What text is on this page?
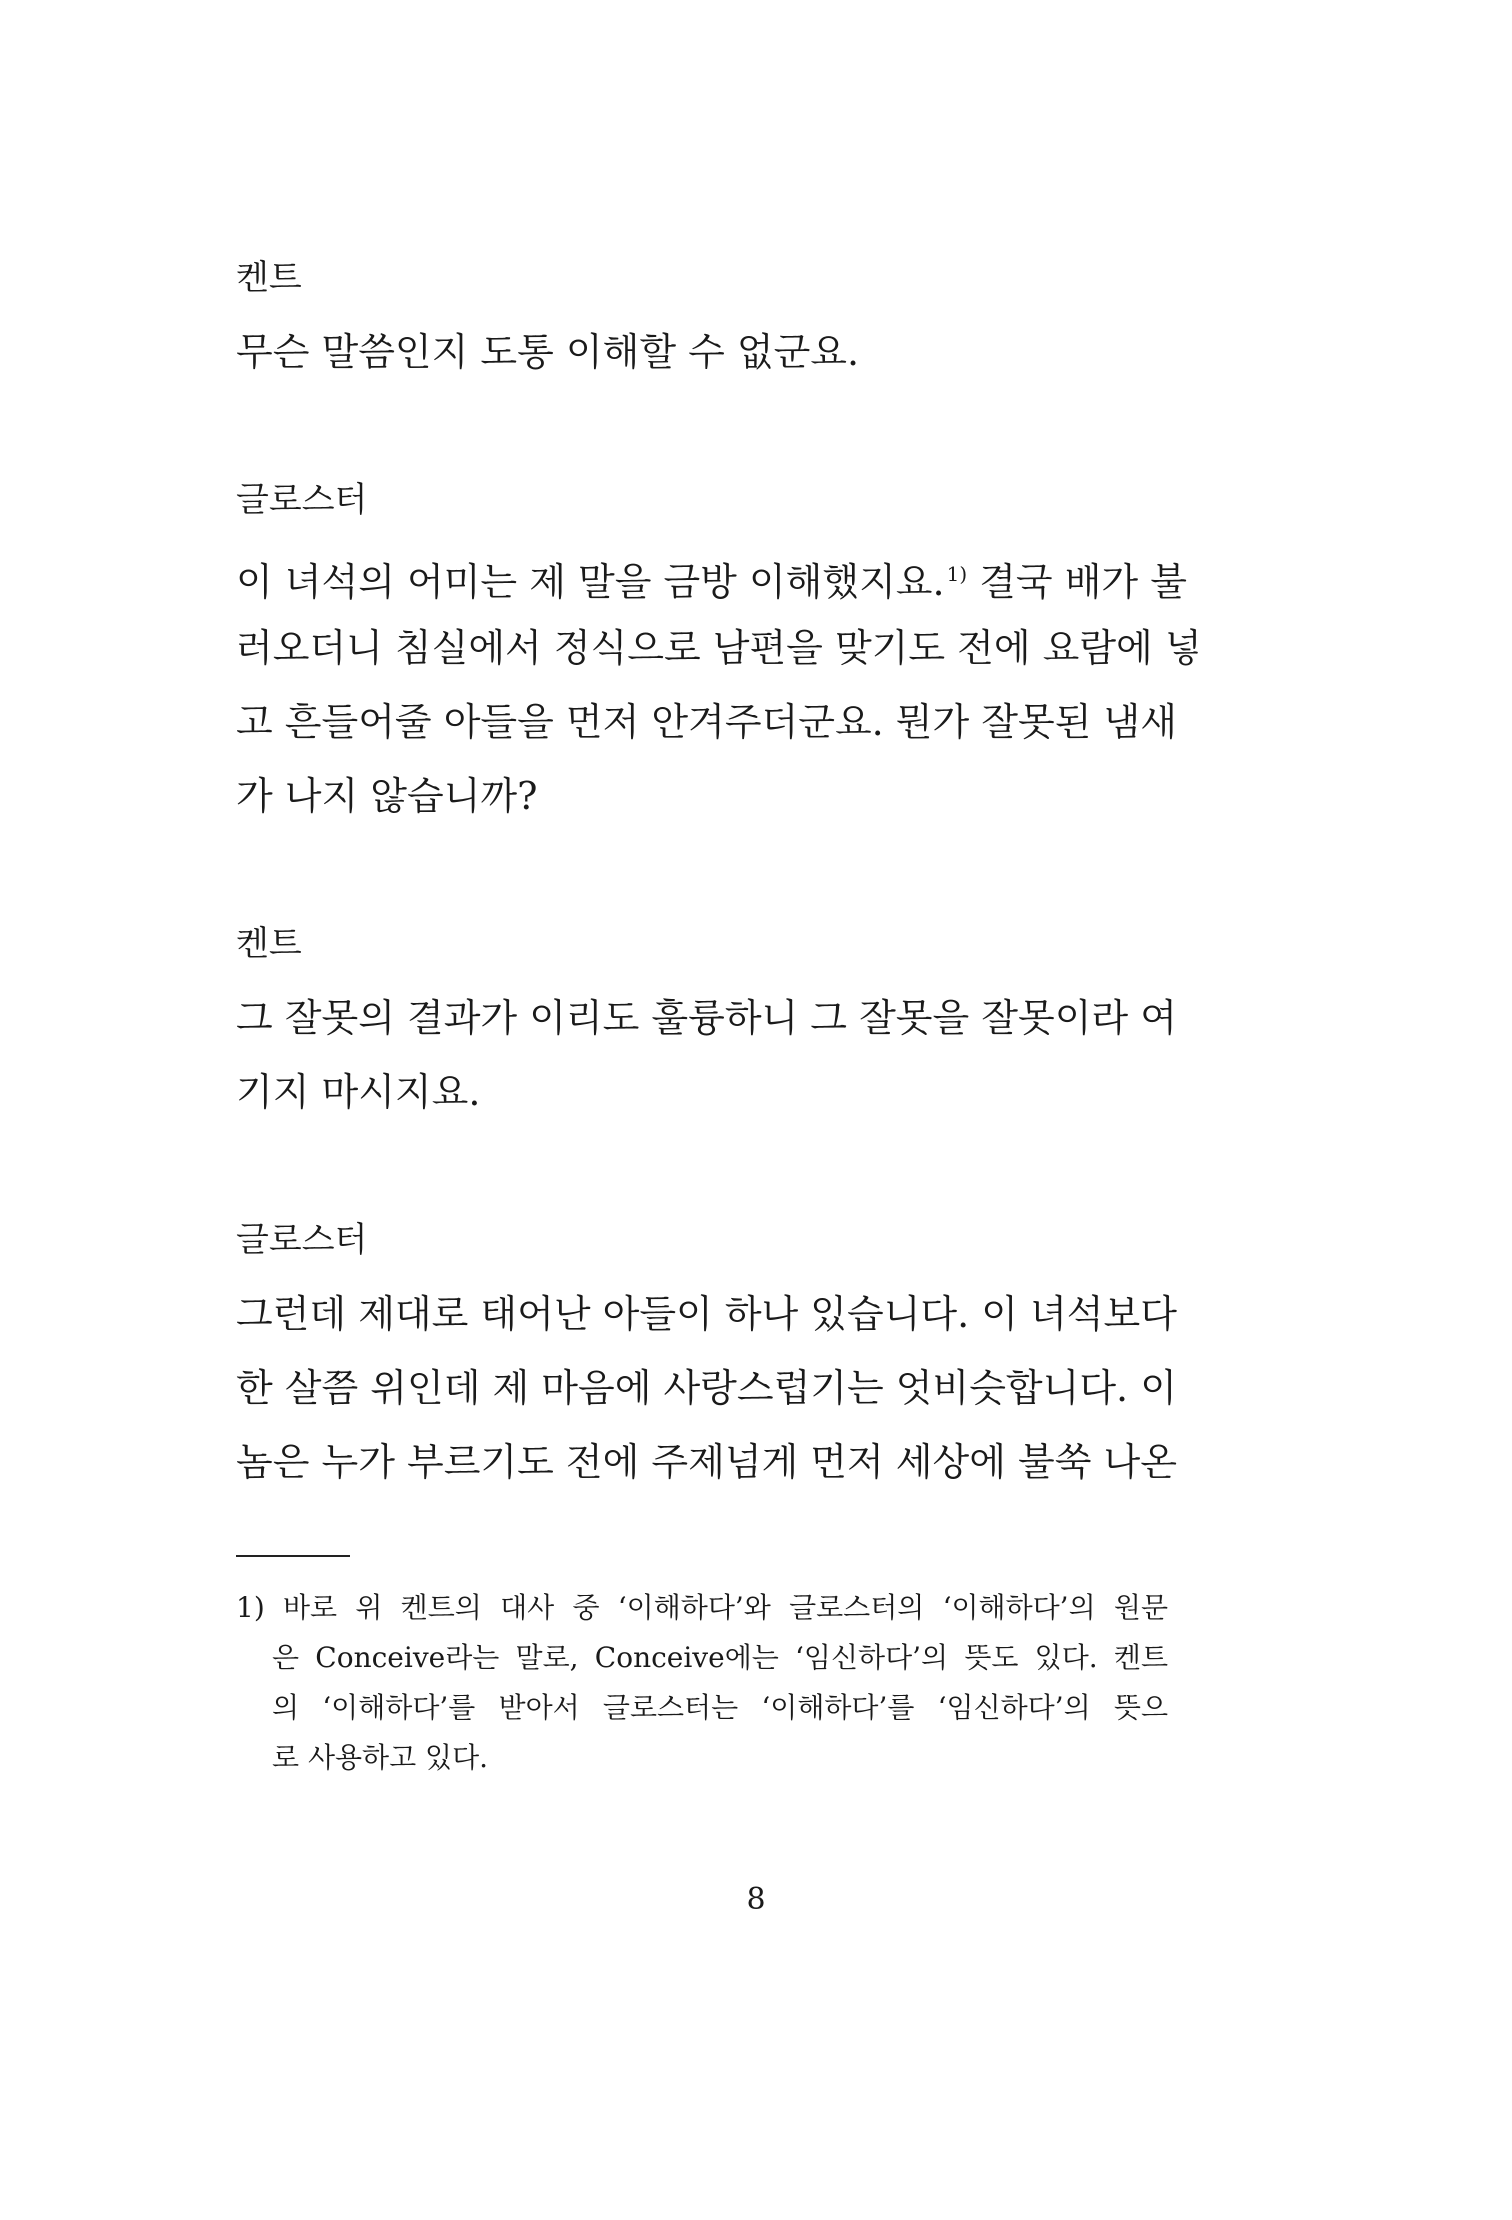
켄트
무슨 말씀인지 도통 이해할 수 없군요.
글로스터
이 녀석의 어미는 제 말을 금방 이해했지요. $^{1)}$ 결국 배가 불
러오더니 침실에서 정식으로 남편을 맞기도 전에 요람에 넣
고 흔들어줄 아들을 먼저 안겨주더군요. 뭔가 잘못된 냄새
가 나지 않습니까?
켄트
그 잘못의 결과가 이리도 훌륭하니 그 잘못을 잘못이라 여
기지 마시지요.
글로스터
그런데 제대로 태어난 아들이 하나 있습니다. 이 녀석보다
한 살쯤 위인데 제 마음에 사랑스럽기는 엇비슷합니다. 이
놈은 누가 부르기도 전에 주제넘게 먼저 세상에 불쑥 나온
1) 바로 위 켄트의 대사 중 ‘이해하다’와 글로스터의 ‘이해하다’의 원문
은 Conceive라는 말로, Conceive에는 ‘임신하다’의 뜻도 있다. 켄트
의 ‘이해하다’를 받아서 글로스터는 ‘이해하다’를 ‘임신하다’의 뜻으
로 사용하고 있다.
8
